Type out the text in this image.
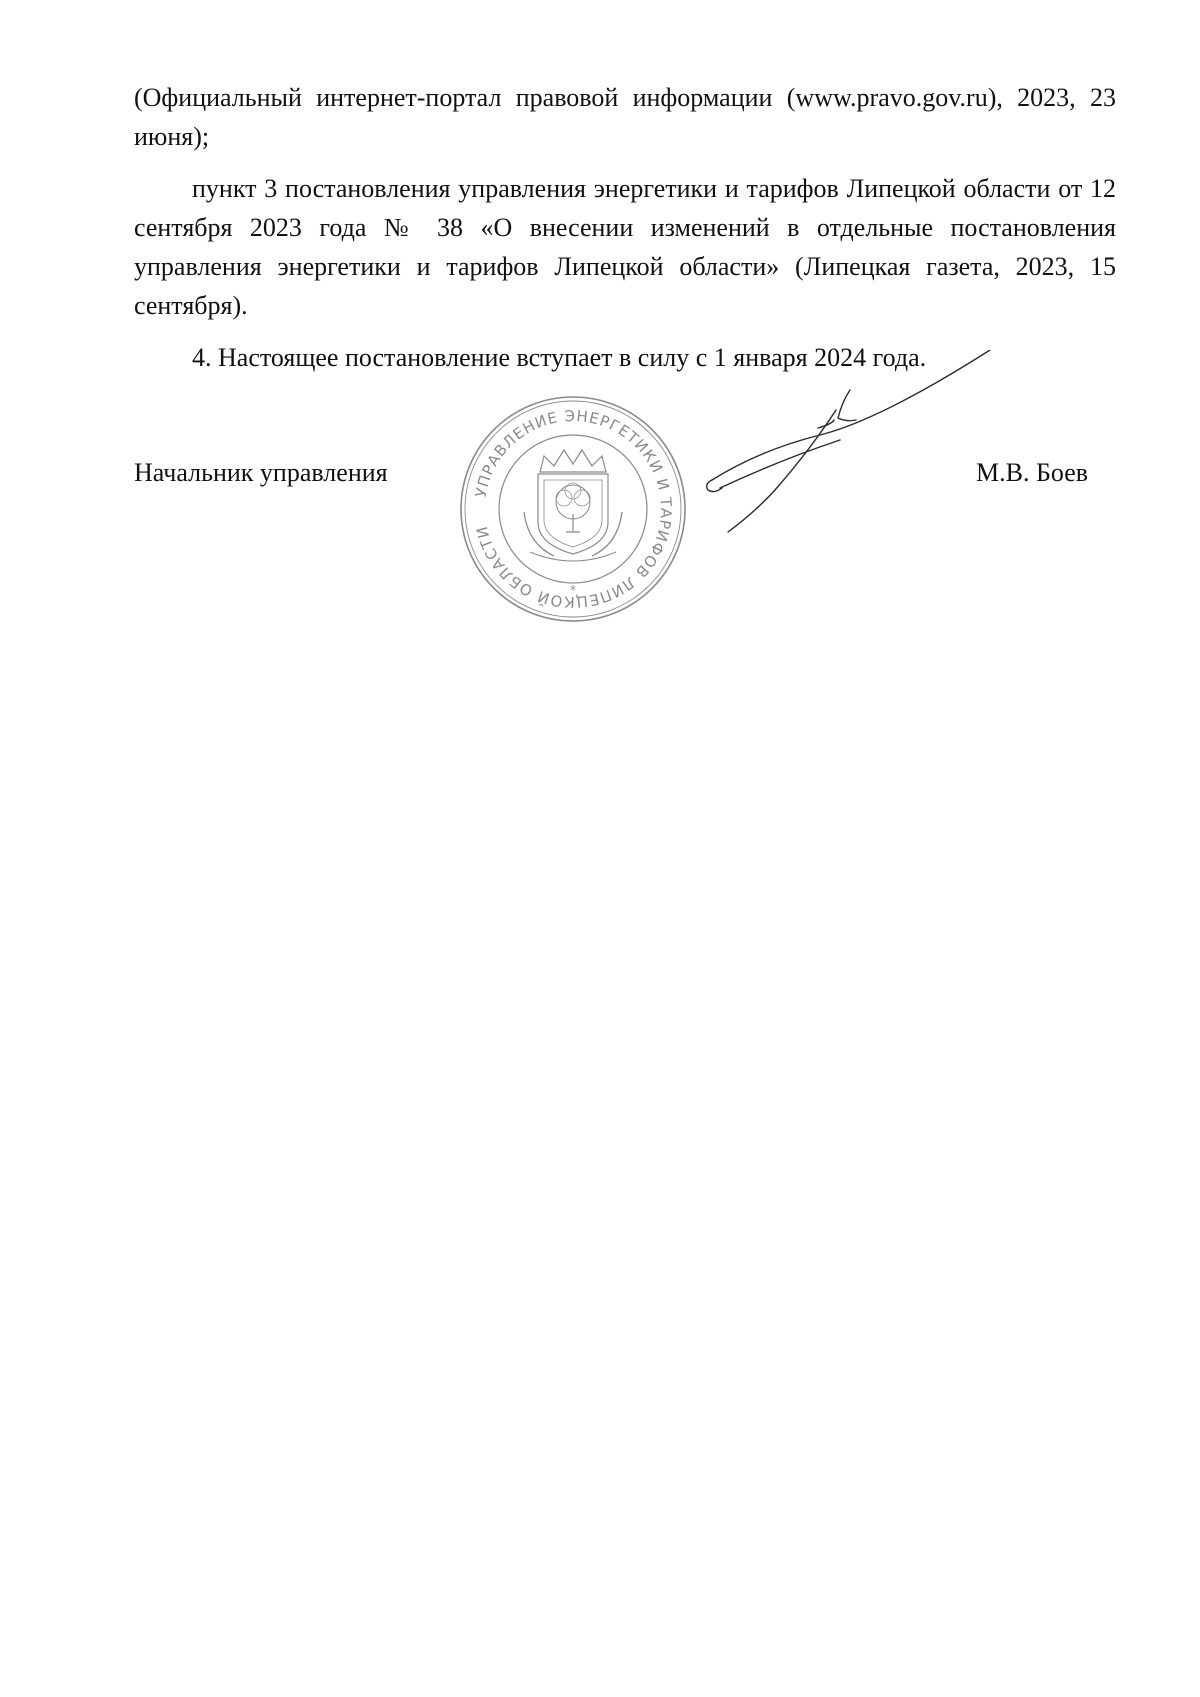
(Официальный интернет-портал правовой информации (www.pravo.gov.ru), 2023, 23 июня);

пункт 3 постановления управления энергетики и тарифов Липецкой области от 12 сентября 2023 года № 38 «О внесении изменений в отдельные постановления управления энергетики и тарифов Липецкой области» (Липецкая газета, 2023, 15 сентября).

4. Настоящее постановление вступает в силу с 1 января 2024 года.

Начальник управления
УПРАВЛЕНИЕ ЭНЕРГЕТИКИ И ТАРИФОВ ЛИПЕЦКОЙ ОБЛАСТИ
*
М.В. Боев
